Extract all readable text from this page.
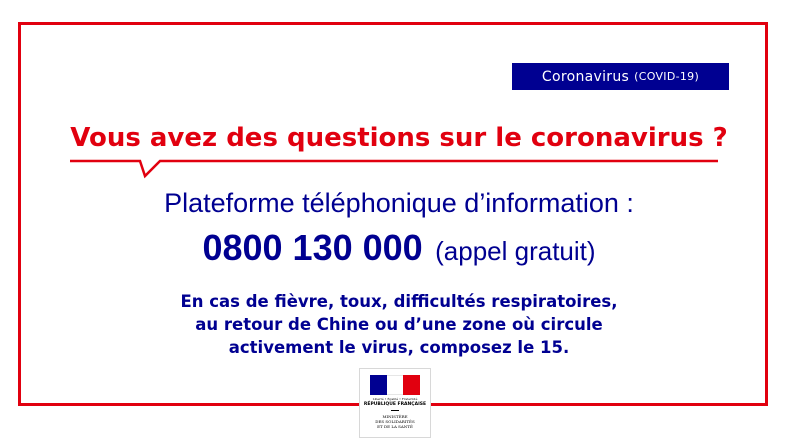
Coronavirus (COVID-19)
Vous avez des questions sur le coronavirus ?
Plateforme téléphonique d’information :
0800 130 000 (appel gratuit)
En cas de fièvre, toux, difficultés respiratoires,
au retour de Chine ou d’une zone où circule
activement le virus, composez le 15.
Liberté • Égalité • Fraternité
RÉPUBLIQUE FRANÇAISE
MINISTÈRE
DES SOLIDARITÉS
ET DE LA SANTÉ
